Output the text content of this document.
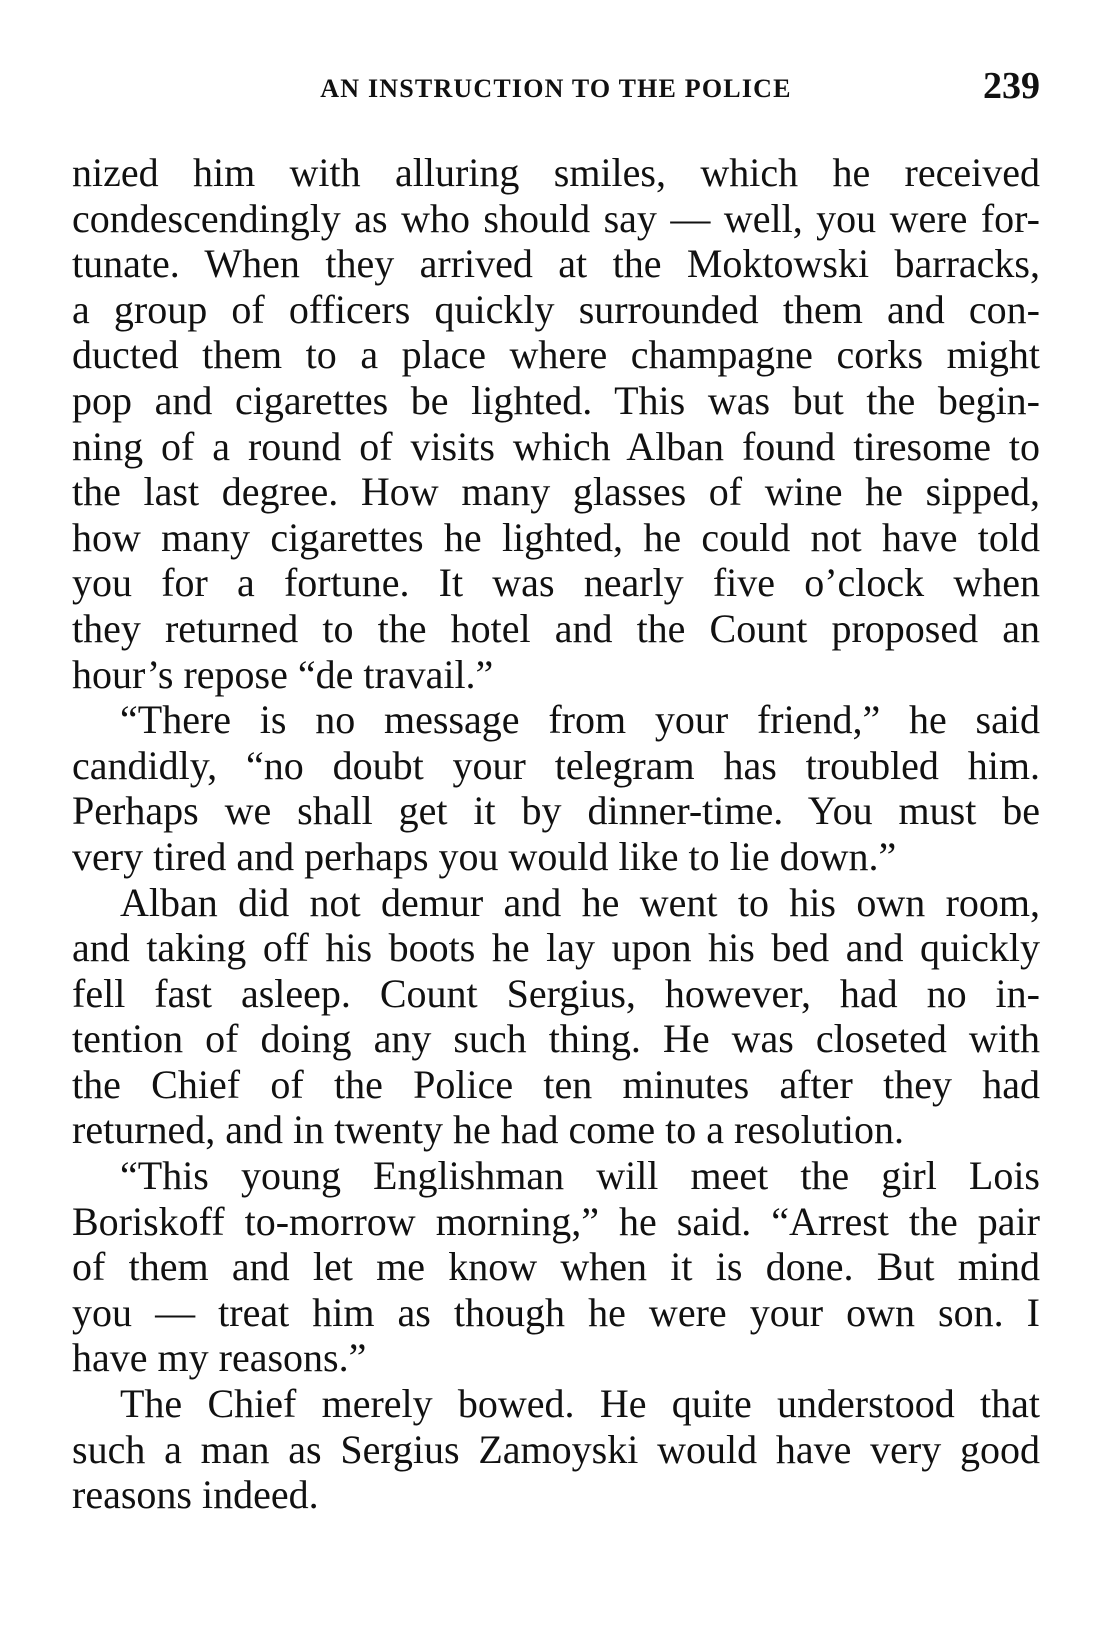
AN INSTRUCTION TO THE POLICE	239
nized him with alluring smiles, which he received
condescendingly as who should say — well, you were for-
tunate. When they arrived at the Moktowski barracks,
a group of officers quickly surrounded them and con-
ducted them to a place where champagne corks might
pop and cigarettes be lighted. This was but the begin-
ning of a round of visits which Alban found tiresome to
the last degree. How many glasses of wine he sipped,
how many cigarettes he lighted, he could not have told
you for a fortune. It was nearly five o’clock when
they returned to the hotel and the Count proposed an
hour’s repose “de travail.”
“There is no message from your friend,” he said
candidly, “no doubt your telegram has troubled him.
Perhaps we shall get it by dinner-time. You must be
very tired and perhaps you would like to lie down.”
Alban did not demur and he went to his own room,
and taking off his boots he lay upon his bed and quickly
fell fast asleep. Count Sergius, however, had no in-
tention of doing any such thing. He was closeted with
the Chief of the Police ten minutes after they had
returned, and in twenty he had come to a resolution.
“This young Englishman will meet the girl Lois
Boriskoff to-morrow morning,” he said. “Arrest the pair
of them and let me know when it is done. But mind
you — treat him as though he were your own son. I
have my reasons.”
The Chief merely bowed. He quite understood that
such a man as Sergius Zamoyski would have very good
reasons indeed.
